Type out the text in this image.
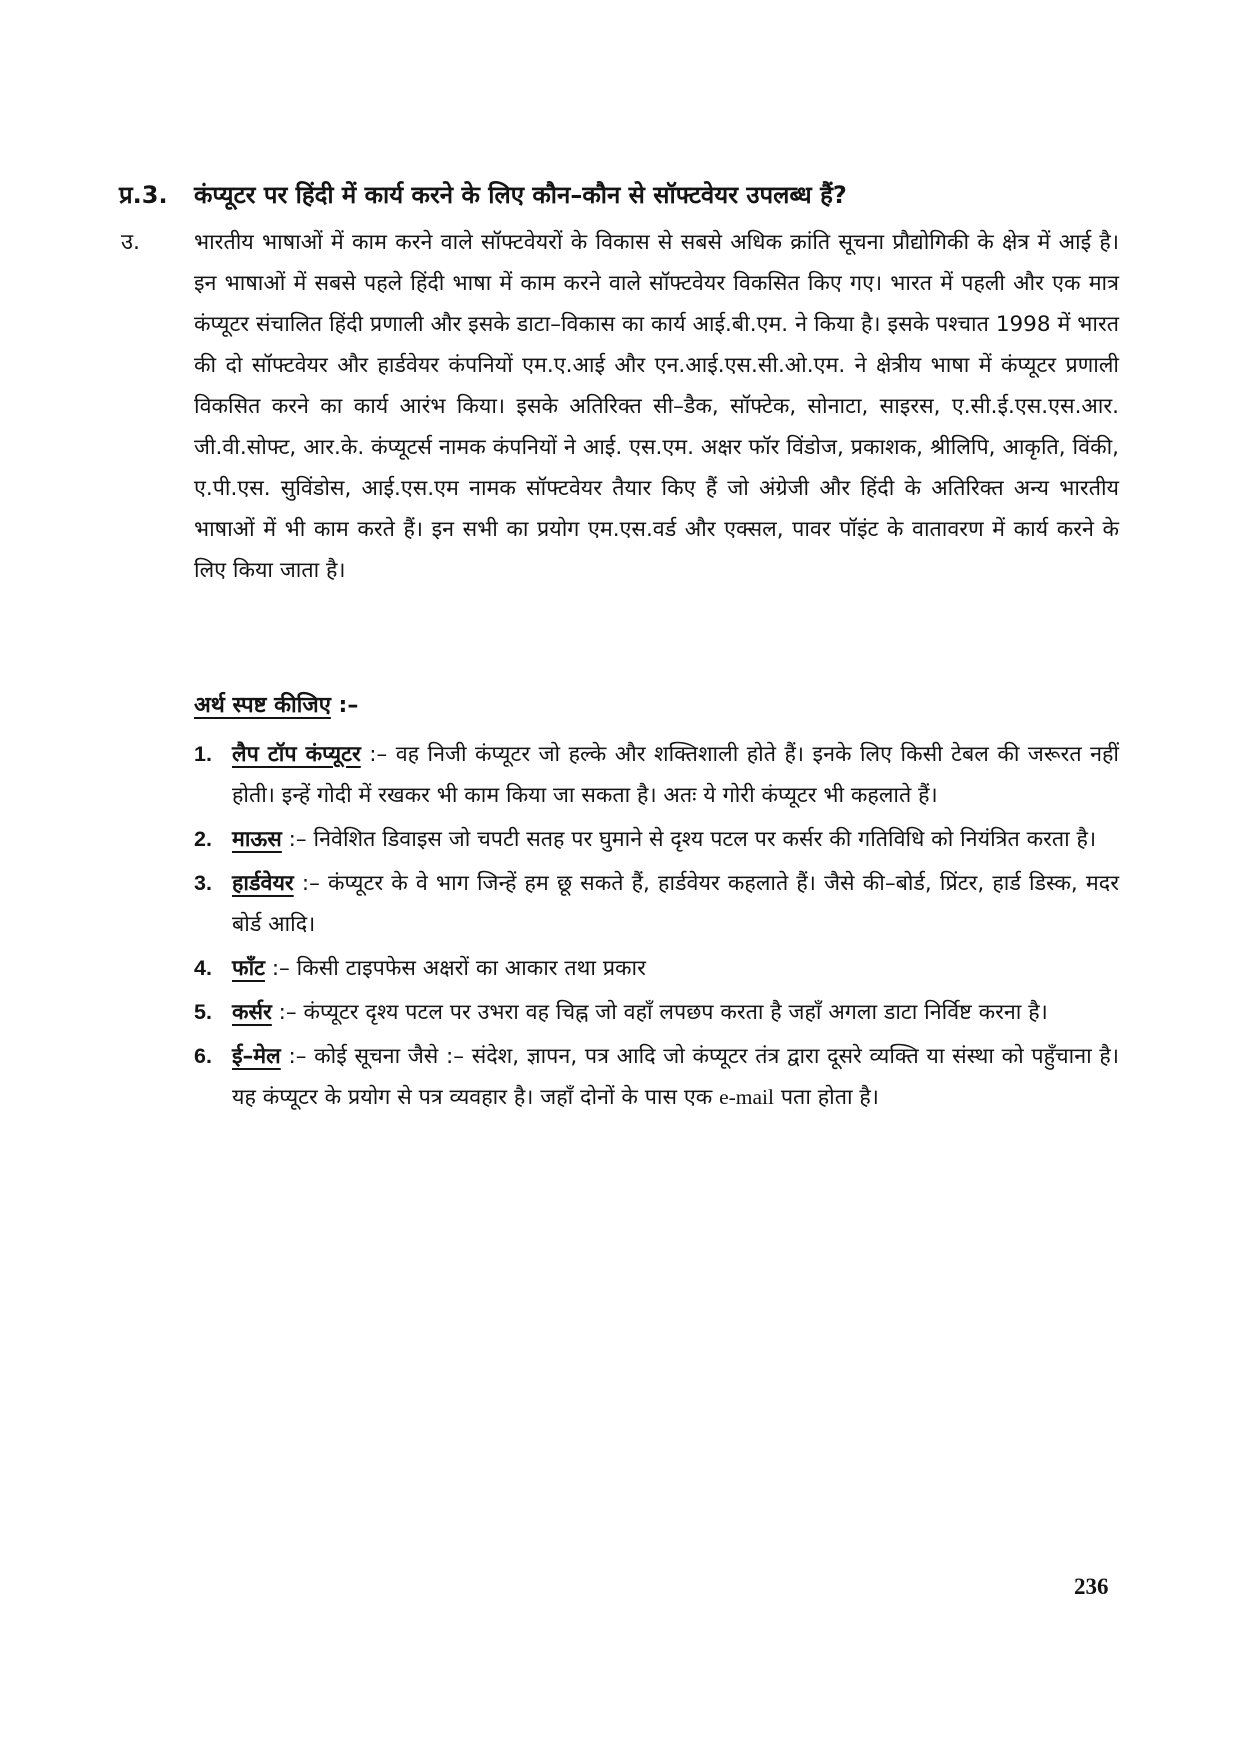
प्र.3. कंप्यूटर पर हिंदी में कार्य करने के लिए कौन–कौन से सॉफ्टवेयर उपलब्ध हैं?
उ.	भारतीय भाषाओं में काम करने वाले सॉफ्टवेयरों के विकास से सबसे अधिक क्रांति सूचना प्रौद्योगिकी के क्षेत्र में आई है। इन भाषाओं में सबसे पहले हिंदी भाषा में काम करने वाले सॉफ्टवेयर विकसित किए गए। भारत में पहली और एक मात्र कंप्यूटर संचालित हिंदी प्रणाली और इसके डाटा–विकास का कार्य आई.बी.एम. ने किया है। इसके पश्चात 1998 में भारत की दो सॉफ्टवेयर और हार्डवेयर कंपनियों एम.ए.आई और एन.आई.एस.सी.ओ.एम. ने क्षेत्रीय भाषा में कंप्यूटर प्रणाली विकसित करने का कार्य आरंभ किया। इसके अतिरिक्त सी–डैक, सॉफ्टेक, सोनाटा, साइरस, ए.सी.ई.एस.एस.आर. जी.वी.सोफ्ट, आर.के. कंप्यूटर्स नामक कंपनियों ने आई. एस.एम. अक्षर फॉर विंडोज, प्रकाशक, श्रीलिपि, आकृति, विंकी, ए.पी.एस. सुविंडोस, आई.एस.एम नामक सॉफ्टवेयर तैयार किए हैं जो अंग्रेजी और हिंदी के अतिरिक्त अन्य भारतीय भाषाओं में भी काम करते हैं। इन सभी का प्रयोग एम.एस.वर्ड और एक्सल, पावर पॉइंट के वातावरण में कार्य करने के लिए किया जाता है।

अर्थ स्पष्ट कीजिए :–
1. लैप टॉप कंप्यूटर :– वह निजी कंप्यूटर जो हल्के और शक्तिशाली होते हैं। इनके लिए किसी टेबल की जरूरत नहीं होती। इन्हें गोदी में रखकर भी काम किया जा सकता है। अतः ये गोरी कंप्यूटर भी कहलाते हैं।
2. माऊस :– निवेशित डिवाइस जो चपटी सतह पर घुमाने से दृश्य पटल पर कर्सर की गतिविधि को नियंत्रित करता है।
3. हार्डवेयर :– कंप्यूटर के वे भाग जिन्हें हम छू सकते हैं, हार्डवेयर कहलाते हैं। जैसे की–बोर्ड, प्रिंटर, हार्ड डिस्क, मदर बोर्ड आदि।
4. फॉंट :– किसी टाइपफेस अक्षरों का आकार तथा प्रकार
5. कर्सर :– कंप्यूटर दृश्य पटल पर उभरा वह चिह्न जो वहाँ लपछप करता है जहाँ अगला डाटा निर्विष्ट करना है।
6. ई–मेल :– कोई सूचना जैसे :– संदेश, ज्ञापन, पत्र आदि जो कंप्यूटर तंत्र द्वारा दूसरे व्यक्ति या संस्था को पहुँचाना है। यह कंप्यूटर के प्रयोग से पत्र व्यवहार है। जहाँ दोनों के पास एक e-mail पता होता है।
236
